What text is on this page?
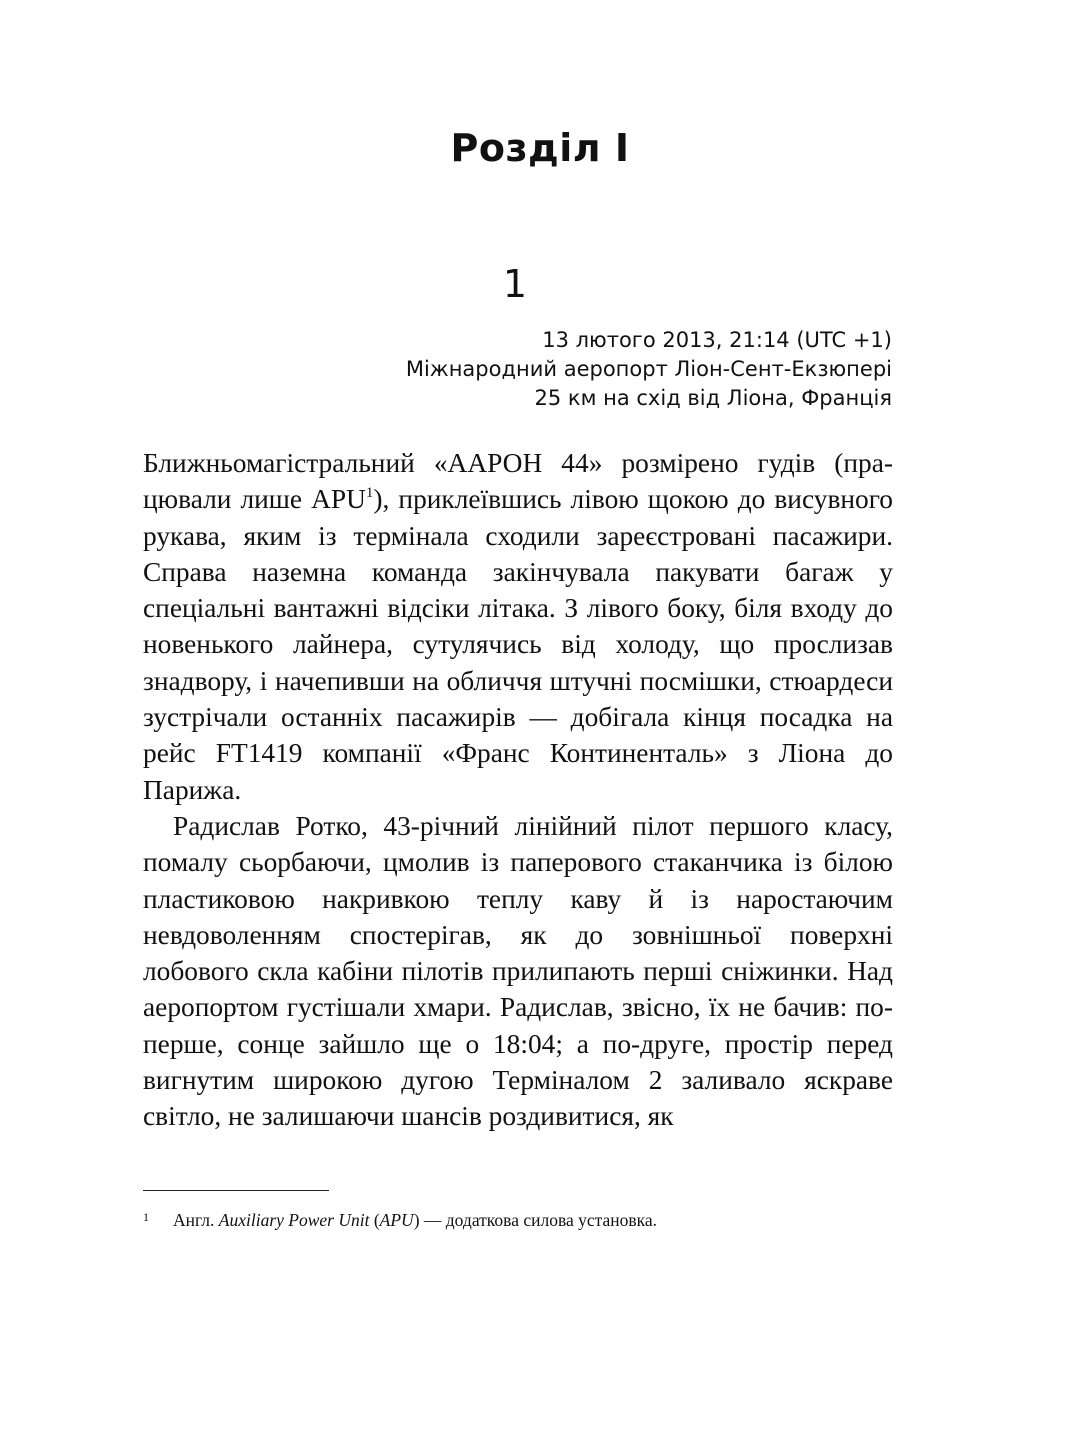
Розділ I
1
13 лютого 2013, 21:14 (UTC +1)
Міжнародний аеропорт Ліон-Сент-Екзюпері
25 км на схід від Ліона, Франція

Ближньомагістральний «ААРОН 44» розмірено гудів (працювали лише APU$^1$), приклеївшись лівою щокою до висувного рукава, яким із термінала сходили зареєстровані пасажири. Справа наземна команда закінчувала пакувати багаж у спеціальні вантажні відсіки літака. З лівого боку, біля входу до новенького лайнера, сутулячись від холоду, що прослизав знадвору, і начепивши на обличчя штучні посмішки, стюардеси зустрічали останніх пасажирів — добігала кінця посадка на рейс FT1419 компанії «Франс Континенталь» з Ліона до Парижа.

Радислав Ротко, 43-річний лінійний пілот першого класу, помалу сьорбаючи, цмолив із паперового стаканчика із білою пластиковою накривкою теплу каву й із наростаючим невдоволенням спостерігав, як до зовнішньої поверхні лобового скла кабіни пілотів прилипають перші сніжинки. Над аеропортом густішали хмари. Радислав, звісно, їх не бачив: по-перше, сонце зайшло ще о 18:04; а по-друге, простір перед вигнутим широкою дугою Терміналом 2 заливало яскраве світло, не залишаючи шансів роздивитися, як

1 Англ. Auxiliary Power Unit (APU) — додаткова силова установка.
